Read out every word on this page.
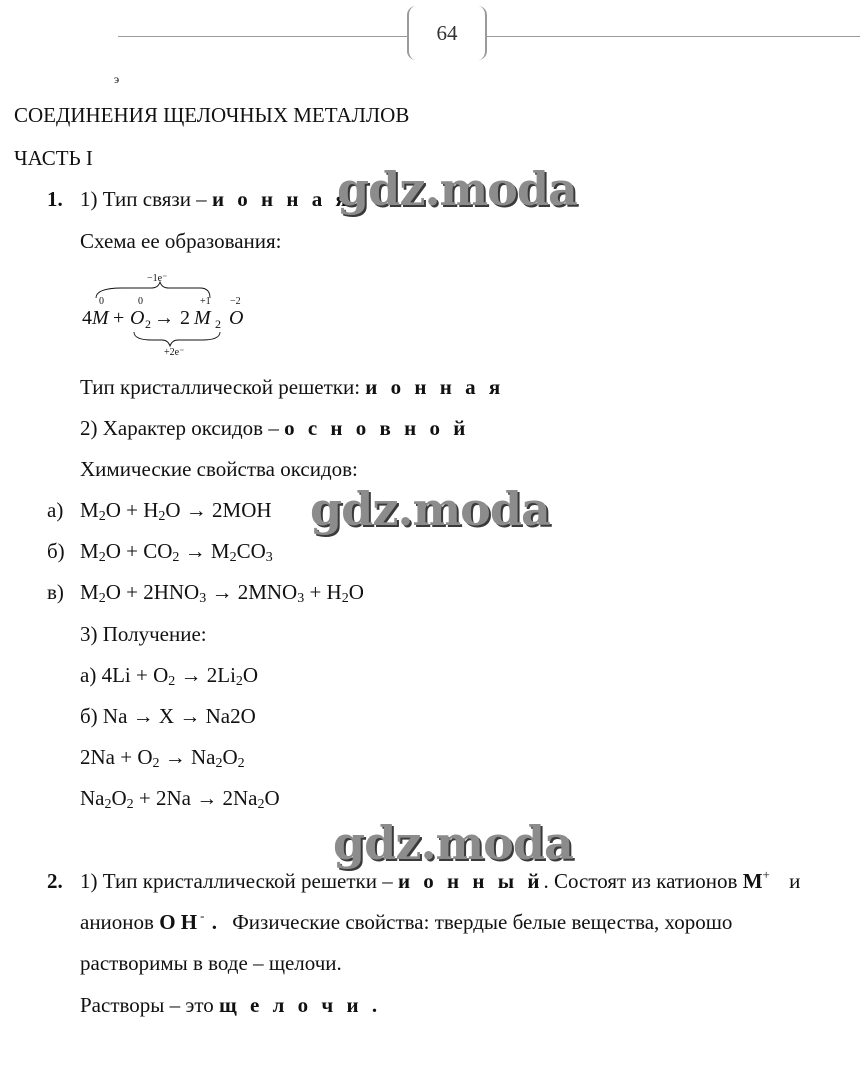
64
э
СОЕДИНЕНИЯ ЩЕЛОЧНЫХ МЕТАЛЛОВ
ЧАСТЬ I
1. 1) Тип связи – и о н н а я
gdz.moda
Схема ее образования:
−1e⁻
0	0	+1 −2
4 M + O 2 → 2 M 2 O
+2e⁻
Тип кристаллической решетки: и о н н а я
2) Характер оксидов – о с н о в н о й
Химические свойства оксидов:
а) $M_2O + H_2O \to 2MOH$ gdz.moda
б) $M_2O + CO_2 \to M_2CO_3$
в) $M_2O + 2HNO_3 \to 2MNO_3 + H_2O$
3) Получение:
а) $4Li + O_2 \to 2Li_2O$
б) Na → X → Na2O
$2Na + O_2 \to Na_2O_2$
$Na_2O_2 + 2Na \to 2Na_2O$
gdz.moda
2. 1) Тип кристаллической решетки – и о н н ы й. Состоят из катионов M+ и
анионов O H - . Физические свойства: твердые белые вещества, хорошо
растворимы в воде – щелочи.
Растворы – это щ е л о ч и .
